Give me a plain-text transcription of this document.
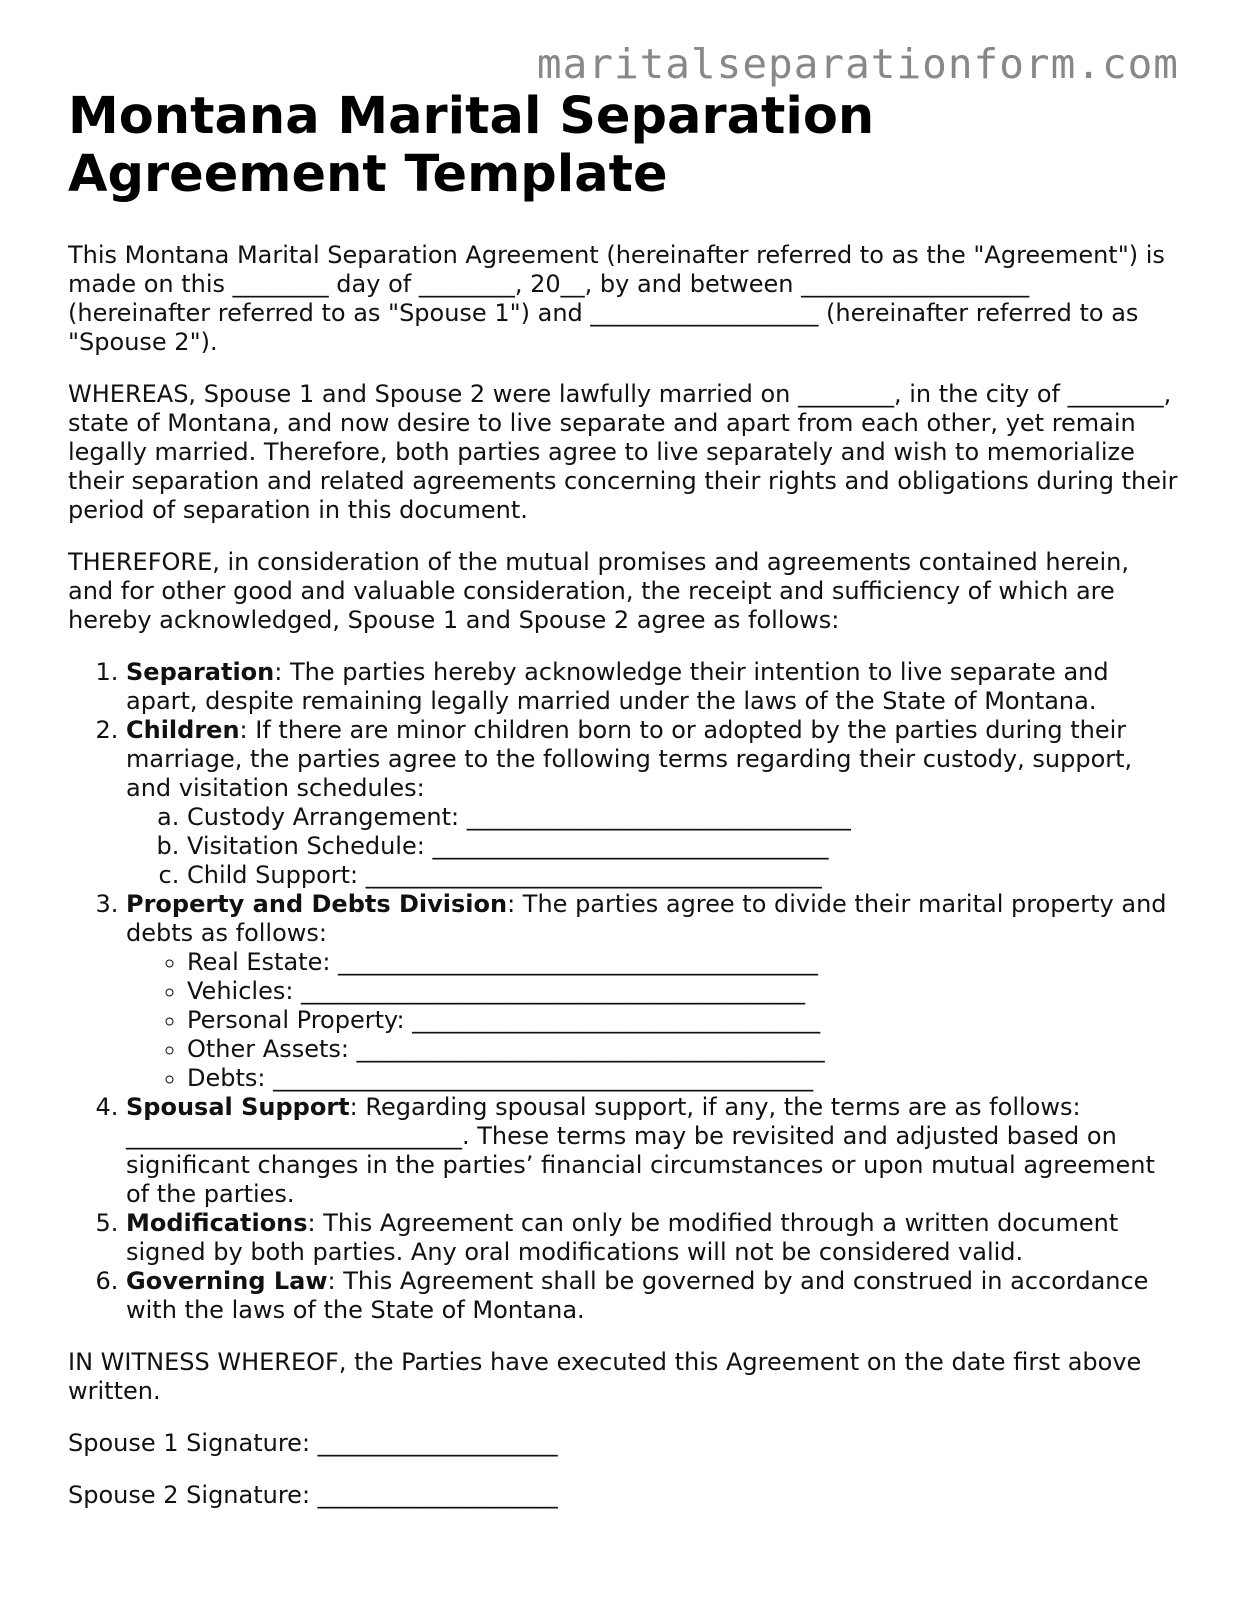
maritalseparationform.com
Montana Marital Separation Agreement Template

This Montana Marital Separation Agreement (hereinafter referred to as the "Agreement") is made on this ________ day of ________, 20__, by and between ___________________ (hereinafter referred to as "Spouse 1") and ___________________ (hereinafter referred to as "Spouse 2").

WHEREAS, Spouse 1 and Spouse 2 were lawfully married on ________, in the city of ________, state of Montana, and now desire to live separate and apart from each other, yet remain legally married. Therefore, both parties agree to live separately and wish to memorialize their separation and related agreements concerning their rights and obligations during their period of separation in this document.

THEREFORE, in consideration of the mutual promises and agreements contained herein, and for other good and valuable consideration, the receipt and sufficiency of which are hereby acknowledged, Spouse 1 and Spouse 2 agree as follows:

1. Separation: The parties hereby acknowledge their intention to live separate and apart, despite remaining legally married under the laws of the State of Montana.
2. Children: If there are minor children born to or adopted by the parties during their marriage, the parties agree to the following terms regarding their custody, support, and visitation schedules:
a. Custody Arrangement: ________________________________
b. Visitation Schedule: _________________________________
c. Child Support: ______________________________________
3. Property and Debts Division: The parties agree to divide their marital property and debts as follows:
◦ Real Estate: ________________________________________
◦ Vehicles: __________________________________________
◦ Personal Property: __________________________________
◦ Other Assets: _______________________________________
◦ Debts: _____________________________________________
4. Spousal Support: Regarding spousal support, if any, the terms are as follows: ____________________________. These terms may be revisited and adjusted based on significant changes in the parties’ financial circumstances or upon mutual agreement of the parties.
5. Modifications: This Agreement can only be modified through a written document signed by both parties. Any oral modifications will not be considered valid.
6. Governing Law: This Agreement shall be governed by and construed in accordance with the laws of the State of Montana.

IN WITNESS WHEREOF, the Parties have executed this Agreement on the date first above written.

Spouse 1 Signature: ____________________

Spouse 2 Signature: ____________________
